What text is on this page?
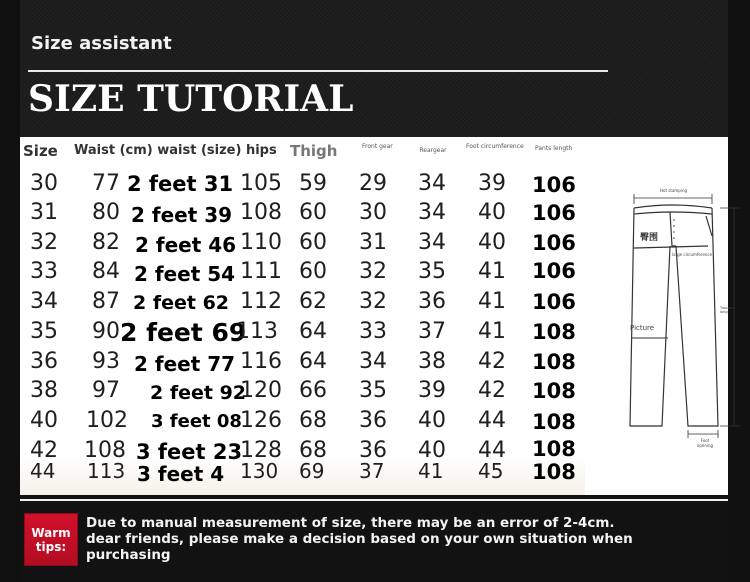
Size assistant
SIZE TUTORIAL
Size Waist (cm) waist (size) hips Thigh	Front gear
Reargear
Foot circumference Pants length
30 77 2 feet 31 105 59 29 34 39 106
31 80 2 feet 39 108 60 30 34 40 106
32 82 2 feet 46 110 60 31 34 40 106
33 84 2 feet 54 111 60 32 35 41 106
34 87 2 feet 62 112 62 32 36 41 106
35 90 2 feet 69
113 64 33 37 41 108
36 93 2 feet 77 116 64 34 38 42 108
38 97 2 feet 92
120 66 35 39 42 108
40 102 3 feet 08
126 68 36 40 44 108
42 108 3 feet 23
128 68 36 40 44 108
44 113 3 feet 4 130 69 37 41 45 108
Hot stamping
臀围
large circumference
Picture
Trousers long
Foot opening
Warm tips:
Due to manual measurement of size, there may be an error of 2-4cm. dear friends, please make a decision based on your own situation when purchasing
